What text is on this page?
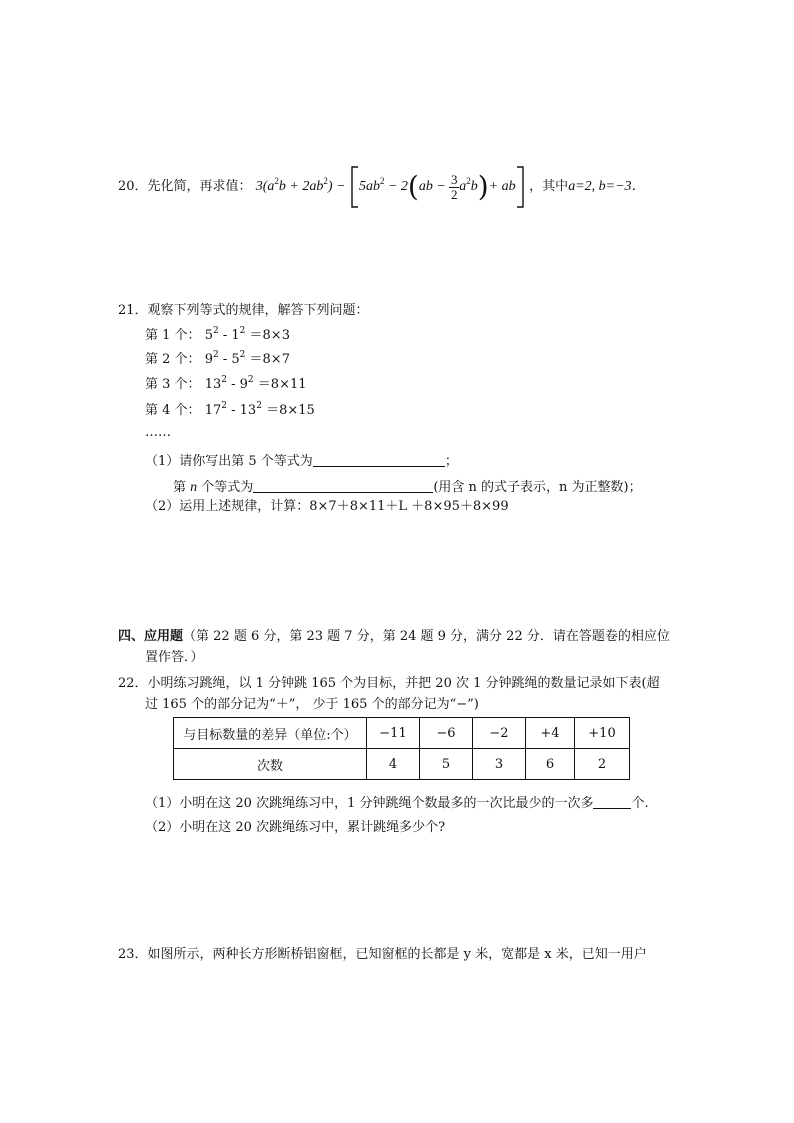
20．先化简，再求值： $3(a^2b + 2ab^2) - 5ab^2 - 2(ab - \frac{3}{2} a^2b)+$ ab ，其中a=2, b=−3．
21．观察下列等式的规律，解答下列问题：
第 1 个： $5^2 - 1^2 =8\times 3$
第 2 个： $9^2 - 5^2 =8\times 7$
第 3 个： $13^2 - 9^2 =8\times 11$
第 4 个： $17^2 - 13^2 =8\times 15$
……
（1）请你写出第 5 个等式为	；
第 n 个等式为	(用含 n 的式子表示，n 为正整数)；
（2）运用上述规律，计算：8×7＋8×11＋L ＋8×95＋8×99
四、应用题（第 22 题 6 分，第 23 题 7 分，第 24 题 9 分，满分 22 分．请在答题卷的相应位
置作答．）
22．小明练习跳绳，以 1 分钟跳 165 个为目标，并把 20 次 1 分钟跳绳的数量记录如下表(超
过 165 个的部分记为“＋”， 少于 165 个的部分记为“−”)
与目标数量的差异（单位:个）	−11	−6	−2	+4	+10
次数	4	5	3	6	2
（1）小明在这 20 次跳绳练习中，1 分钟跳绳个数最多的一次比最少的一次多	个.
（2）小明在这 20 次跳绳练习中，累计跳绳多少个?
23．如图所示，两种长方形断桥铝窗框，已知窗框的长都是 y 米，宽都是 x 米，已知一用户
